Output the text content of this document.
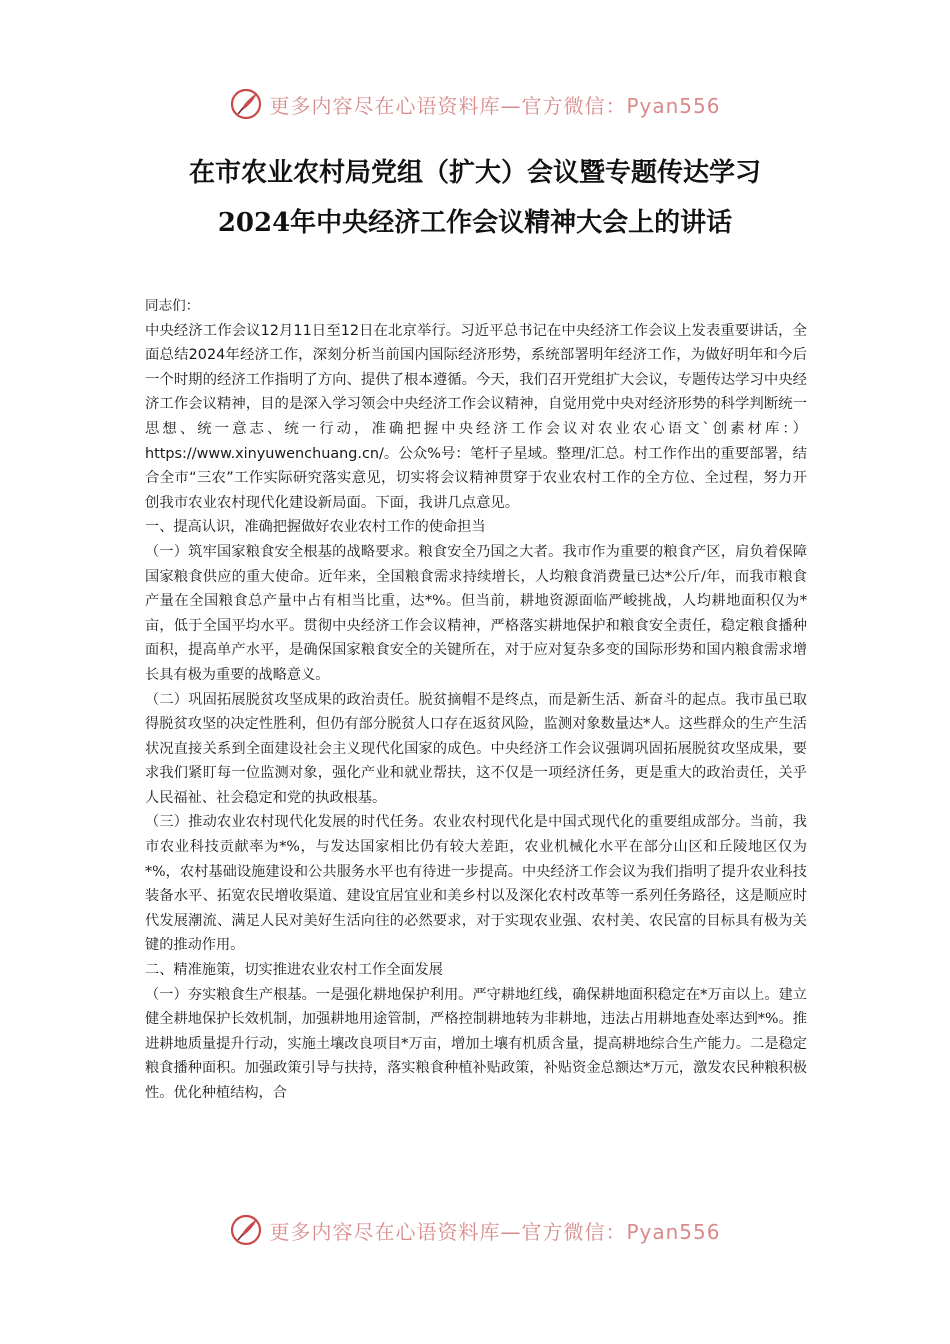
更多内容尽在心语资料库—官方微信：Pyan556
在市农业农村局党组（扩大）会议暨专题传达学习
2024年中央经济工作会议精神大会上的讲话

同志们：

中央经济工作会议12月11日至12日在北京举行。习近平总书记在中央经济工作会议上发表重要讲话，全面总结2024年经济工作，深刻分析当前国内国际经济形势，系统部署明年经济工作，为做好明年和今后一个时期的经济工作指明了方向、提供了根本遵循。今天，我们召开党组扩大会议，专题传达学习中央经济工作会议精神，目的是深入学习领会中央经济工作会议精神，自觉用党中央对经济形势的科学判断统一思想、统一意志、统一行动，准确把握中央经济工作会议对农业农心语文`创素材库：）https://www.xinyuwenchuang.cn/。公众%号：笔杆子星域。整理/汇总。村工作作出的重要部署，结合全市“三农”工作实际研究落实意见，切实将会议精神贯穿于农业农村工作的全方位、全过程，努力开创我市农业农村现代化建设新局面。下面，我讲几点意见。

一、提高认识，准确把握做好农业农村工作的使命担当

（一）筑牢国家粮食安全根基的战略要求。粮食安全乃国之大者。我市作为重要的粮食产区，肩负着保障国家粮食供应的重大使命。近年来，全国粮食需求持续增长，人均粮食消费量已达*公斤/年，而我市粮食产量在全国粮食总产量中占有相当比重，达*%。但当前，耕地资源面临严峻挑战，人均耕地面积仅为*亩，低于全国平均水平。贯彻中央经济工作会议精神，严格落实耕地保护和粮食安全责任，稳定粮食播种面积，提高单产水平，是确保国家粮食安全的关键所在，对于应对复杂多变的国际形势和国内粮食需求增长具有极为重要的战略意义。

（二）巩固拓展脱贫攻坚成果的政治责任。脱贫摘帽不是终点，而是新生活、新奋斗的起点。我市虽已取得脱贫攻坚的决定性胜利，但仍有部分脱贫人口存在返贫风险，监测对象数量达*人。这些群众的生产生活状况直接关系到全面建设社会主义现代化国家的成色。中央经济工作会议强调巩固拓展脱贫攻坚成果，要求我们紧盯每一位监测对象，强化产业和就业帮扶，这不仅是一项经济任务，更是重大的政治责任，关乎人民福祉、社会稳定和党的执政根基。

（三）推动农业农村现代化发展的时代任务。农业农村现代化是中国式现代化的重要组成部分。当前，我市农业科技贡献率为*%，与发达国家相比仍有较大差距，农业机械化水平在部分山区和丘陵地区仅为*%，农村基础设施建设和公共服务水平也有待进一步提高。中央经济工作会议为我们指明了提升农业科技装备水平、拓宽农民增收渠道、建设宜居宜业和美乡村以及深化农村改革等一系列任务路径，这是顺应时代发展潮流、满足人民对美好生活向往的必然要求，对于实现农业强、农村美、农民富的目标具有极为关键的推动作用。

二、精准施策，切实推进农业农村工作全面发展

（一）夯实粮食生产根基。一是强化耕地保护利用。严守耕地红线，确保耕地面积稳定在*万亩以上。建立健全耕地保护长效机制，加强耕地用途管制，严格控制耕地转为非耕地，违法占用耕地查处率达到*%。推进耕地质量提升行动，实施土壤改良项目*万亩，增加土壤有机质含量，提高耕地综合生产能力。二是稳定粮食播种面积。加强政策引导与扶持，落实粮食种植补贴政策，补贴资金总额达*万元，激发农民种粮积极性。优化种植结构，合

更多内容尽在心语资料库—官方微信：Pyan556
